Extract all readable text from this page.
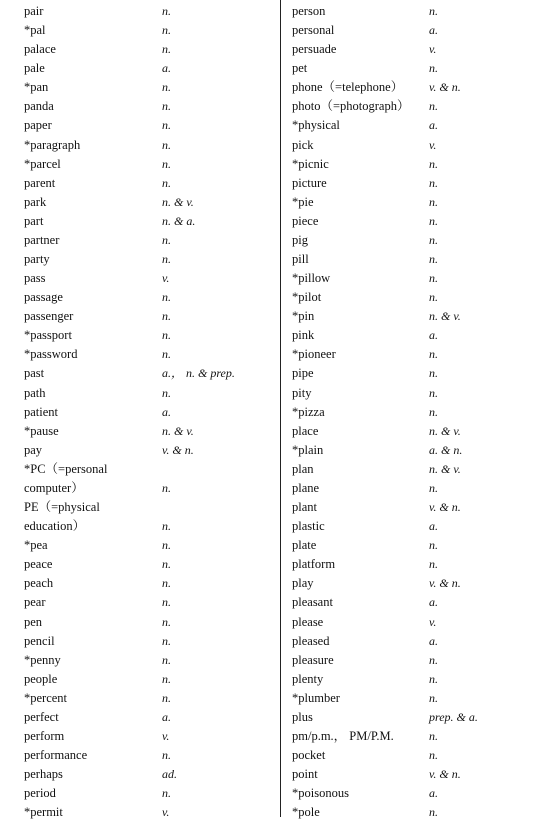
pair	n.
*pal	n.
palace	n.
pale	a.
*pan	n.
panda	n.
paper	n.
*paragraph	n.
*parcel	n.
parent	n.
park	n. & v.
part	n. & a.
partner	n.
party	n.
pass	v.
passage	n.
passenger	n.
*passport	n.
*password	n.
past	a.， n. & prep.
path	n.
patient	a.
*pause	n. & v.
pay	v. & n.
*PC（=personal
computer）	n.
PE（=physical
education）	n.
*pea	n.
peace	n.
peach	n.
pear	n.
pen	n.
pencil	n.
*penny	n.
people	n.
*percent	n.
perfect	a.
perform	v.
performance	n.
perhaps	ad.
period	n.
*permit	v.
person	n.
personal	a.
persuade	v.
pet	n.
phone（=telephone） v. & n.
photo（=photograph） n.
*physical	a.
pick	v.
*picnic	n.
picture	n.
*pie	n.
piece	n.
pig	n.
pill	n.
*pillow	n.
*pilot	n.
*pin	n. & v.
pink	a.
*pioneer	n.
pipe	n.
pity	n.
*pizza	n.
place	n. & v.
*plain	a. & n.
plan	n. & v.
plane	n.
plant	v. & n.
plastic	a.
plate	n.
platform	n.
play	v. & n.
pleasant	a.
please	v.
pleased	a.
pleasure	n.
plenty	n.
*plumber	n.
plus	prep. & a.
pm/p.m.， PM/P.M.	n.
pocket	n.
point	v. & n.
*poisonous	a.
*pole	n.
